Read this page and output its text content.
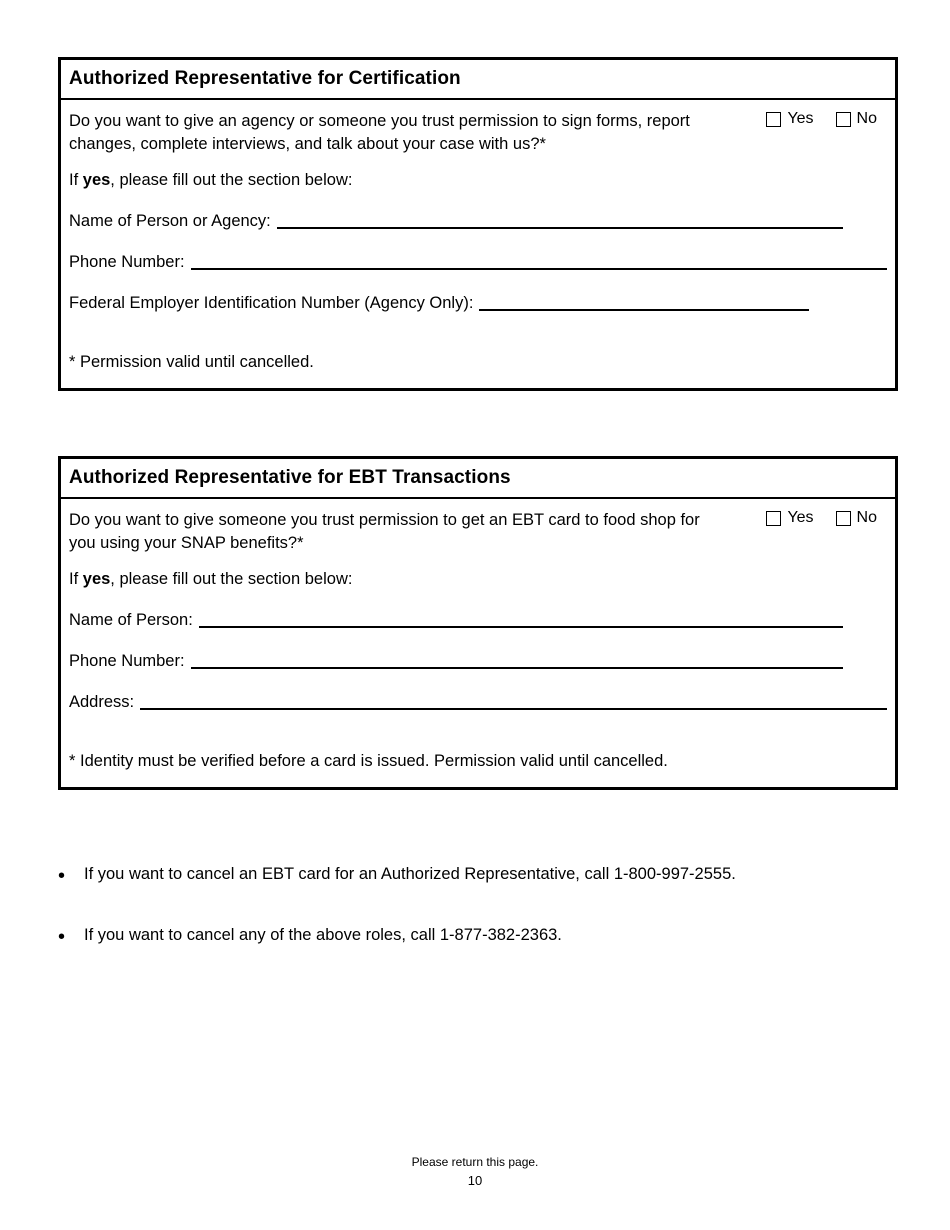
Authorized Representative for Certification
Do you want to give an agency or someone you trust permission to sign forms, report changes, complete interviews, and talk about your case with us?*
Yes	No
If yes, please fill out the section below:
Name of Person or Agency:
Phone Number:
Federal Employer Identification Number (Agency Only):
* Permission valid until cancelled.
Authorized Representative for EBT Transactions
Do you want to give someone you trust permission to get an EBT card to food shop for you using your SNAP benefits?*
Yes	No
If yes, please fill out the section below:
Name of Person:
Phone Number:
Address:
* Identity must be verified before a card is issued. Permission valid until cancelled.
•	If you want to cancel an EBT card for an Authorized Representative, call 1-800-997-2555.
•	If you want to cancel any of the above roles, call 1-877-382-2363.
Please return this page.
10
